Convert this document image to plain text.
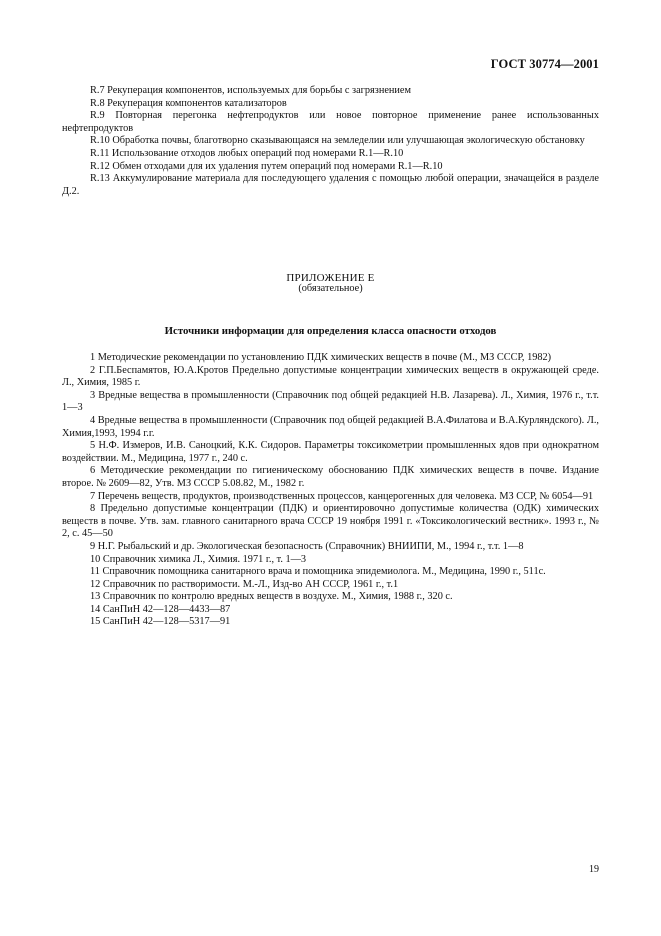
ГОСТ 30774—2001

R.7 Рекуперация компонентов, используемых для борьбы с загрязнением

R.8 Рекуперация компонентов катализаторов

R.9 Повторная перегонка нефтепродуктов или новое повторное применение ранее использованных нефтепродуктов

R.10 Обработка почвы, благотворно сказывающаяся на земледелии или улучшающая экологическую обстановку

R.11 Использование отходов любых операций под номерами R.1—R.10

R.12 Обмен отходами для их удаления путем операций под номерами R.1—R.10

R.13 Аккумулирование материала для последующего удаления с помощью любой операции, значащейся в разделе Д.2.

ПРИЛОЖЕНИЕ Е
(обязательное)
Источники информации для определения класса опасности отходов

1 Методические рекомендации по установлению ПДК химических веществ в почве (М., МЗ СССР, 1982)

2 Г.П.Беспамятов, Ю.А.Кротов Предельно допустимые концентрации химических веществ в окружающей среде. Л., Химия, 1985 г.

3 Вредные вещества в промышленности (Справочник под общей редакцией Н.В. Лазарева). Л., Химия, 1976 г., т.т. 1—3

4 Вредные вещества в промышленности (Справочник под общей редакцией В.А.Филатова и В.А.Курляндского). Л., Химия,1993, 1994 г.г.

5 Н.Ф. Измеров, И.В. Саноцкий, К.К. Сидоров. Параметры токсикометрии промышленных ядов при однократном воздействии. М., Медицина, 1977 г., 240 с.

6 Методические рекомендации по гигиеническому обоснованию ПДК химических веществ в почве. Издание второе. № 2609—82, Утв. МЗ СССР 5.08.82, М., 1982 г.

7 Перечень веществ, продуктов, производственных процессов, канцерогенных для человека. МЗ ССР, № 6054—91

8 Предельно допустимые концентрации (ПДК) и ориентировочно допустимые количества (ОДК) химических веществ в почве. Утв. зам. главного санитарного врача СССР 19 ноября 1991 г. «Токсикологический вестник». 1993 г., № 2, с. 45—50

9 Н.Г. Рыбальский и др. Экологическая безопасность (Справочник) ВНИИПИ, М., 1994 г., т.т. 1—8

10 Справочник химика Л., Химия. 1971 г., т. 1—3

11 Справочник помощника санитарного врача и помощника эпидемиолога. М., Медицина, 1990 г., 511с.

12 Справочник по растворимости. М.-Л., Изд-во АН СССР, 1961 г., т.1

13 Справочник по контролю вредных веществ в воздухе. М., Химия, 1988 г., 320 с.

14 СанПиН 42—128—4433—87

15 СанПиН 42—128—5317—91

19
